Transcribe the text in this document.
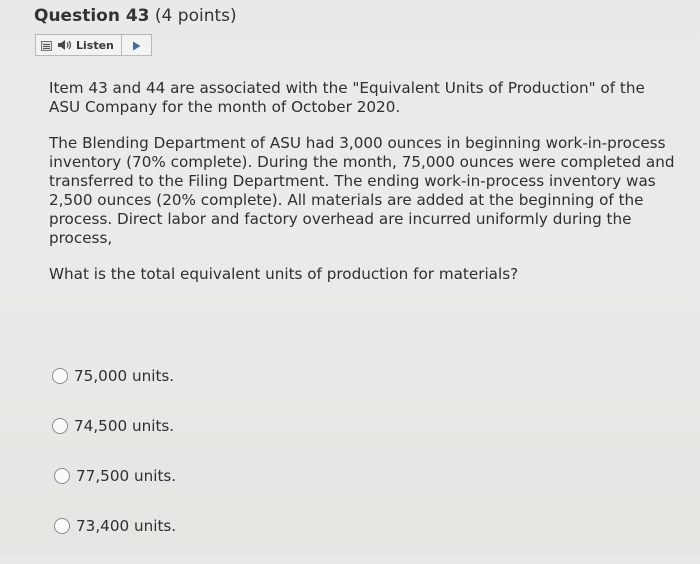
Question 43 (4 points)
Listen

Item 43 and 44 are associated with the "Equivalent Units of Production" of the ASU Company for the month of October 2020.

The Blending Department of ASU had 3,000 ounces in beginning work-in-process inventory (70% complete). During the month, 75,000 ounces were completed and transferred to the Filing Department. The ending work-in-process inventory was 2,500 ounces (20% complete). All materials are added at the beginning of the process. Direct labor and factory overhead are incurred uniformly during the process,

What is the total equivalent units of production for materials?

75,000 units.
74,500 units.
77,500 units.
73,400 units.
